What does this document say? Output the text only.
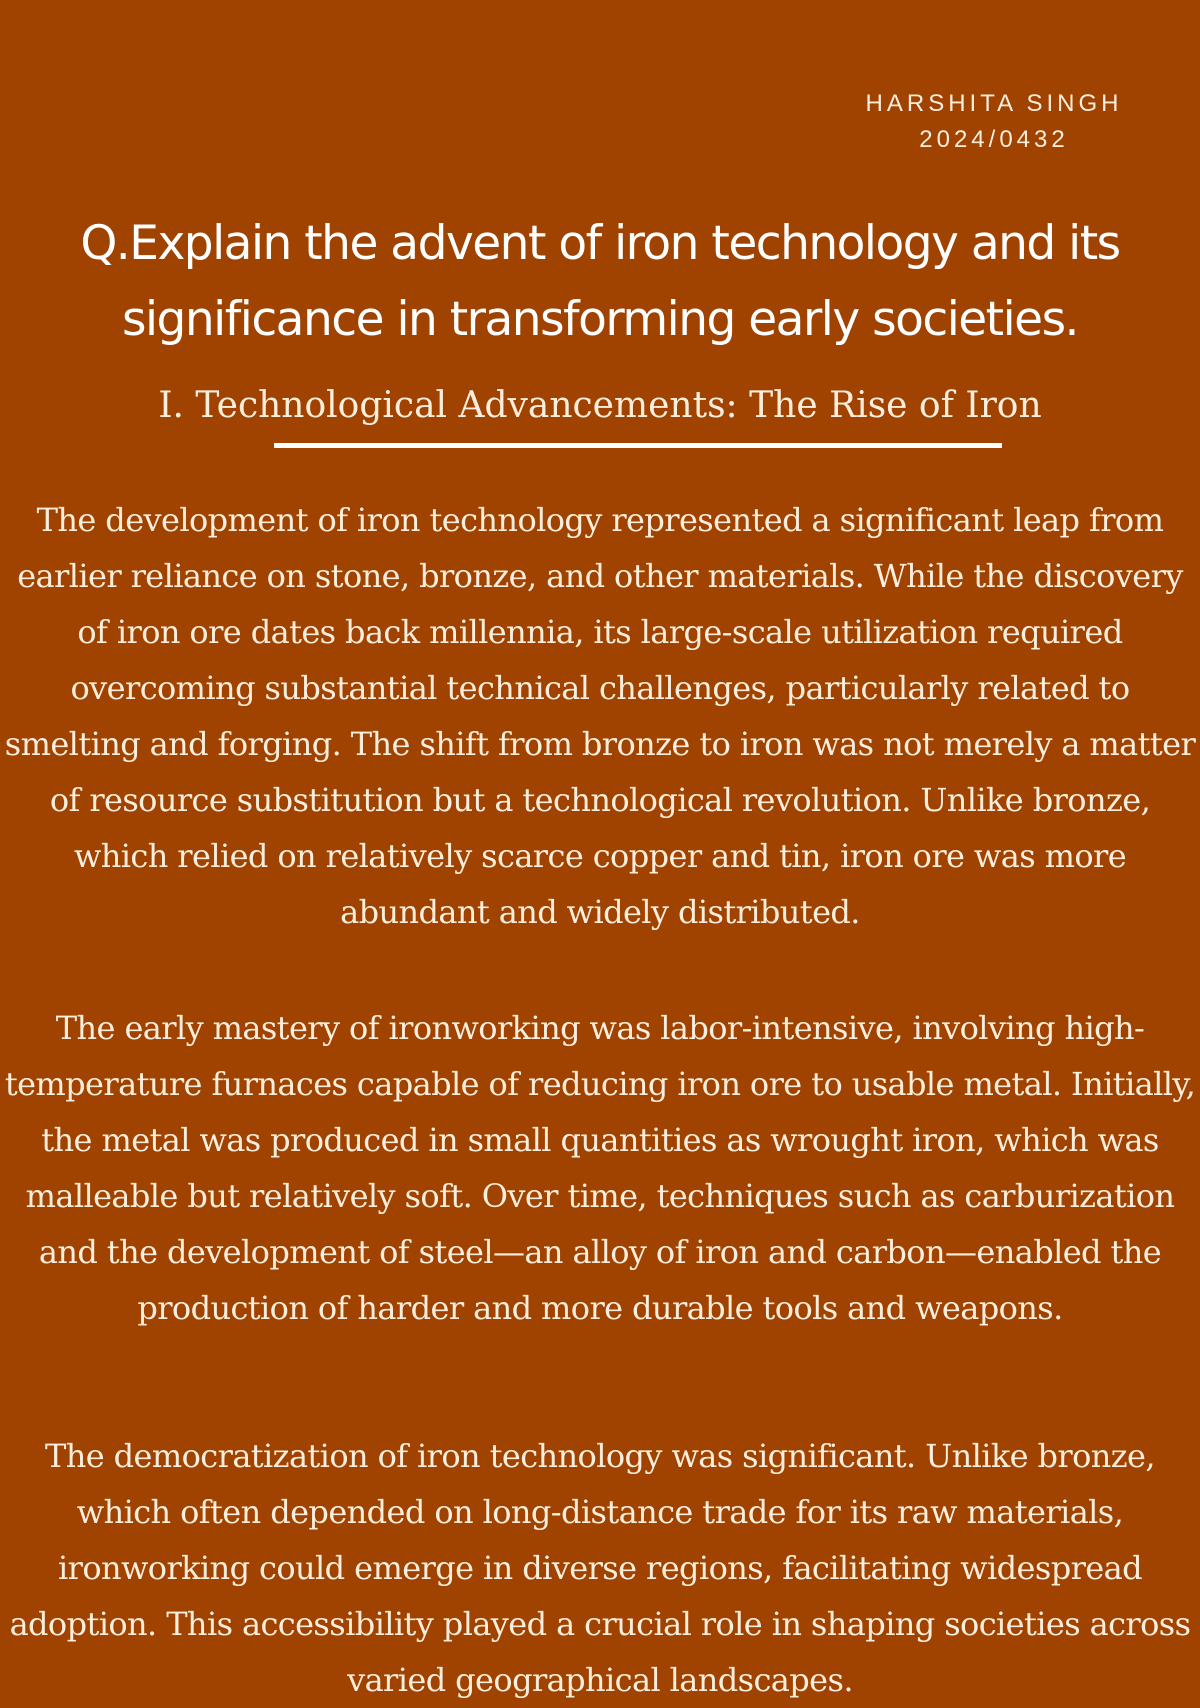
HARSHITA SINGH
2024/0432
Q.Explain the advent of iron technology and its significance in transforming early societies.
I. Technological Advancements: The Rise of Iron

The development of iron technology represented a significant leap from earlier reliance on stone, bronze, and other materials. While the discovery of iron ore dates back millennia, its large-scale utilization required overcoming substantial technical challenges, particularly related to smelting and forging. The shift from bronze to iron was not merely a matter of resource substitution but a technological revolution. Unlike bronze, which relied on relatively scarce copper and tin, iron ore was more abundant and widely distributed.

The early mastery of ironworking was labor-intensive, involving high-temperature furnaces capable of reducing iron ore to usable metal. Initially, the metal was produced in small quantities as wrought iron, which was malleable but relatively soft. Over time, techniques such as carburization and the development of steel—an alloy of iron and carbon—enabled the production of harder and more durable tools and weapons.

The democratization of iron technology was significant. Unlike bronze, which often depended on long-distance trade for its raw materials, ironworking could emerge in diverse regions, facilitating widespread adoption. This accessibility played a crucial role in shaping societies across varied geographical landscapes.
